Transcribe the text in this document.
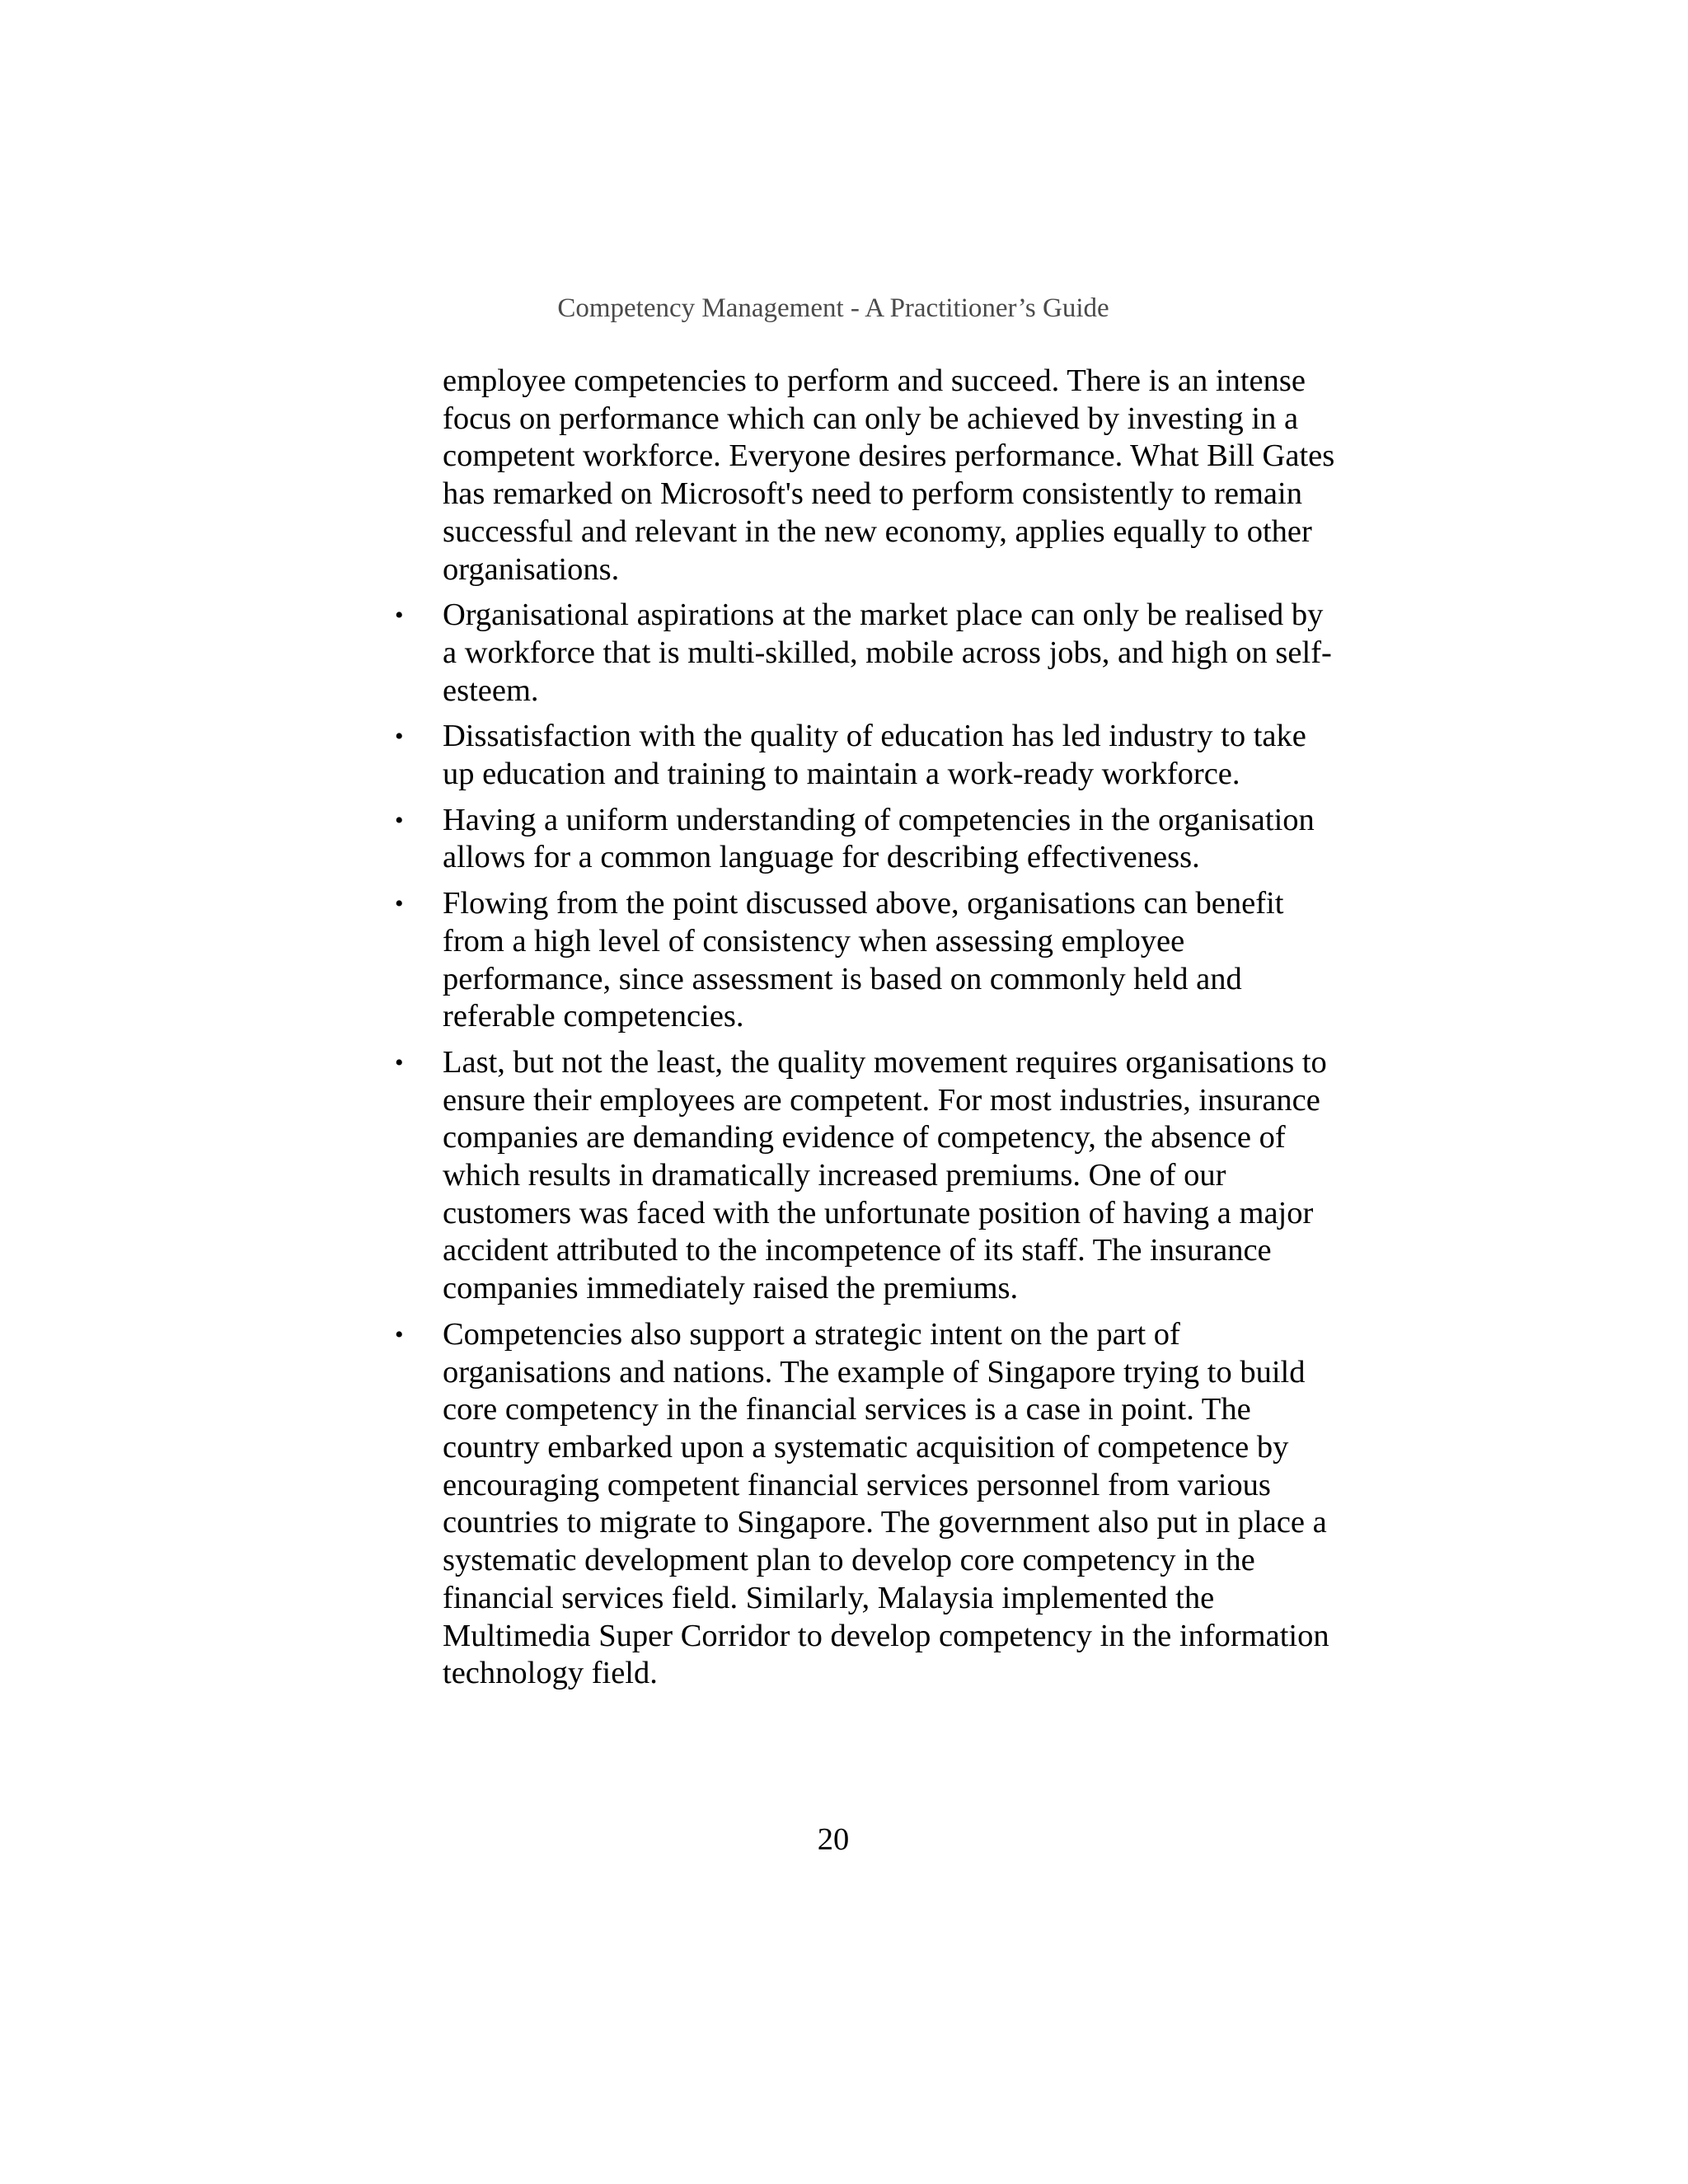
Competency Management - A Practitioner’s Guide

employee competencies to perform and succeed. There is an intense focus on performance which can only be achieved by investing in a competent workforce. Everyone desires performance. What Bill Gates has remarked on Microsoft's need to perform consistently to remain successful and relevant in the new economy, applies equally to other organisations.

• Organisational aspirations at the market place can only be realised by a workforce that is multi-skilled, mobile across jobs, and high on self-esteem.
• Dissatisfaction with the quality of education has led industry to take up education and training to maintain a work-ready workforce.
• Having a uniform understanding of competencies in the organisation allows for a common language for describing effectiveness.
• Flowing from the point discussed above, organisations can benefit from a high level of consistency when assessing employee performance, since assessment is based on commonly held and referable competencies.
• Last, but not the least, the quality movement requires organisations to ensure their employees are competent. For most industries, insurance companies are demanding evidence of competency, the absence of which results in dramatically increased premiums. One of our customers was faced with the unfortunate position of having a major accident attributed to the incompetence of its staff. The insurance companies immediately raised the premiums.
• Competencies also support a strategic intent on the part of organisations and nations. The example of Singapore trying to build core competency in the financial services is a case in point. The country embarked upon a systematic acquisition of competence by encouraging competent financial services personnel from various countries to migrate to Singapore. The government also put in place a systematic development plan to develop core competency in the financial services field. Similarly, Malaysia implemented the Multimedia Super Corridor to develop competency in the information technology field.
20
